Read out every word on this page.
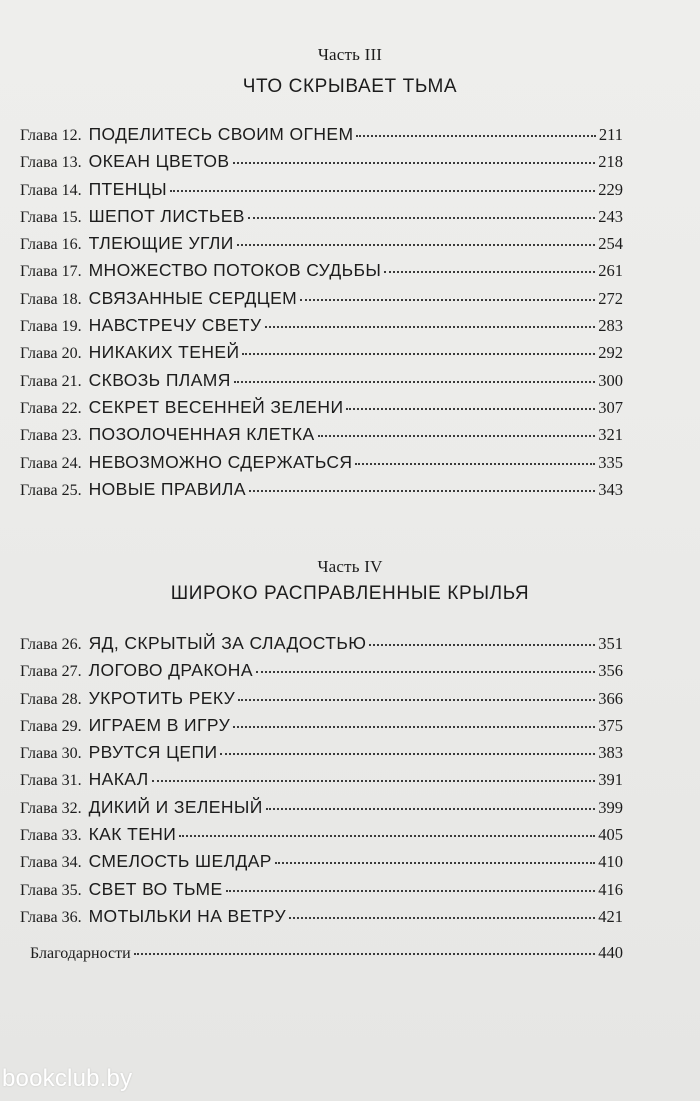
Часть III
ЧТО СКРЫВАЕТ ТЬМА
Глава 12. ПОДЕЛИТЕСЬ СВОИМ ОГНЕМ	211
Глава 13. ОКЕАН ЦВЕТОВ	218
Глава 14. ПТЕНЦЫ	229
Глава 15. ШЕПОТ ЛИСТЬЕВ	243
Глава 16. ТЛЕЮЩИЕ УГЛИ	254
Глава 17. МНОЖЕСТВО ПОТОКОВ СУДЬБЫ	261
Глава 18. СВЯЗАННЫЕ СЕРДЦЕМ	272
Глава 19. НАВСТРЕЧУ СВЕТУ	283
Глава 20. НИКАКИХ ТЕНЕЙ	292
Глава 21. СКВОЗЬ ПЛАМЯ	300
Глава 22. СЕКРЕТ ВЕСЕННЕЙ ЗЕЛЕНИ	307
Глава 23. ПОЗОЛОЧЕННАЯ КЛЕТКА	321
Глава 24. НЕВОЗМОЖНО СДЕРЖАТЬСЯ	335
Глава 25. НОВЫЕ ПРАВИЛА	343
Часть IV
ШИРОКО РАСПРАВЛЕННЫЕ КРЫЛЬЯ
Глава 26. ЯД, СКРЫТЫЙ ЗА СЛАДОСТЬЮ	351
Глава 27. ЛОГОВО ДРАКОНА	356
Глава 28. УКРОТИТЬ РЕКУ	366
Глава 29. ИГРАЕМ В ИГРУ	375
Глава 30. РВУТСЯ ЦЕПИ	383
Глава 31. НАКАЛ	391
Глава 32. ДИКИЙ И ЗЕЛЕНЫЙ	399
Глава 33. КАК ТЕНИ	405
Глава 34. СМЕЛОСТЬ ШЕЛДАР	410
Глава 35. СВЕТ ВО ТЬМЕ	416
Глава 36. МОТЫЛЬКИ НА ВЕТРУ	421
Благодарности	440
bookclub.by
